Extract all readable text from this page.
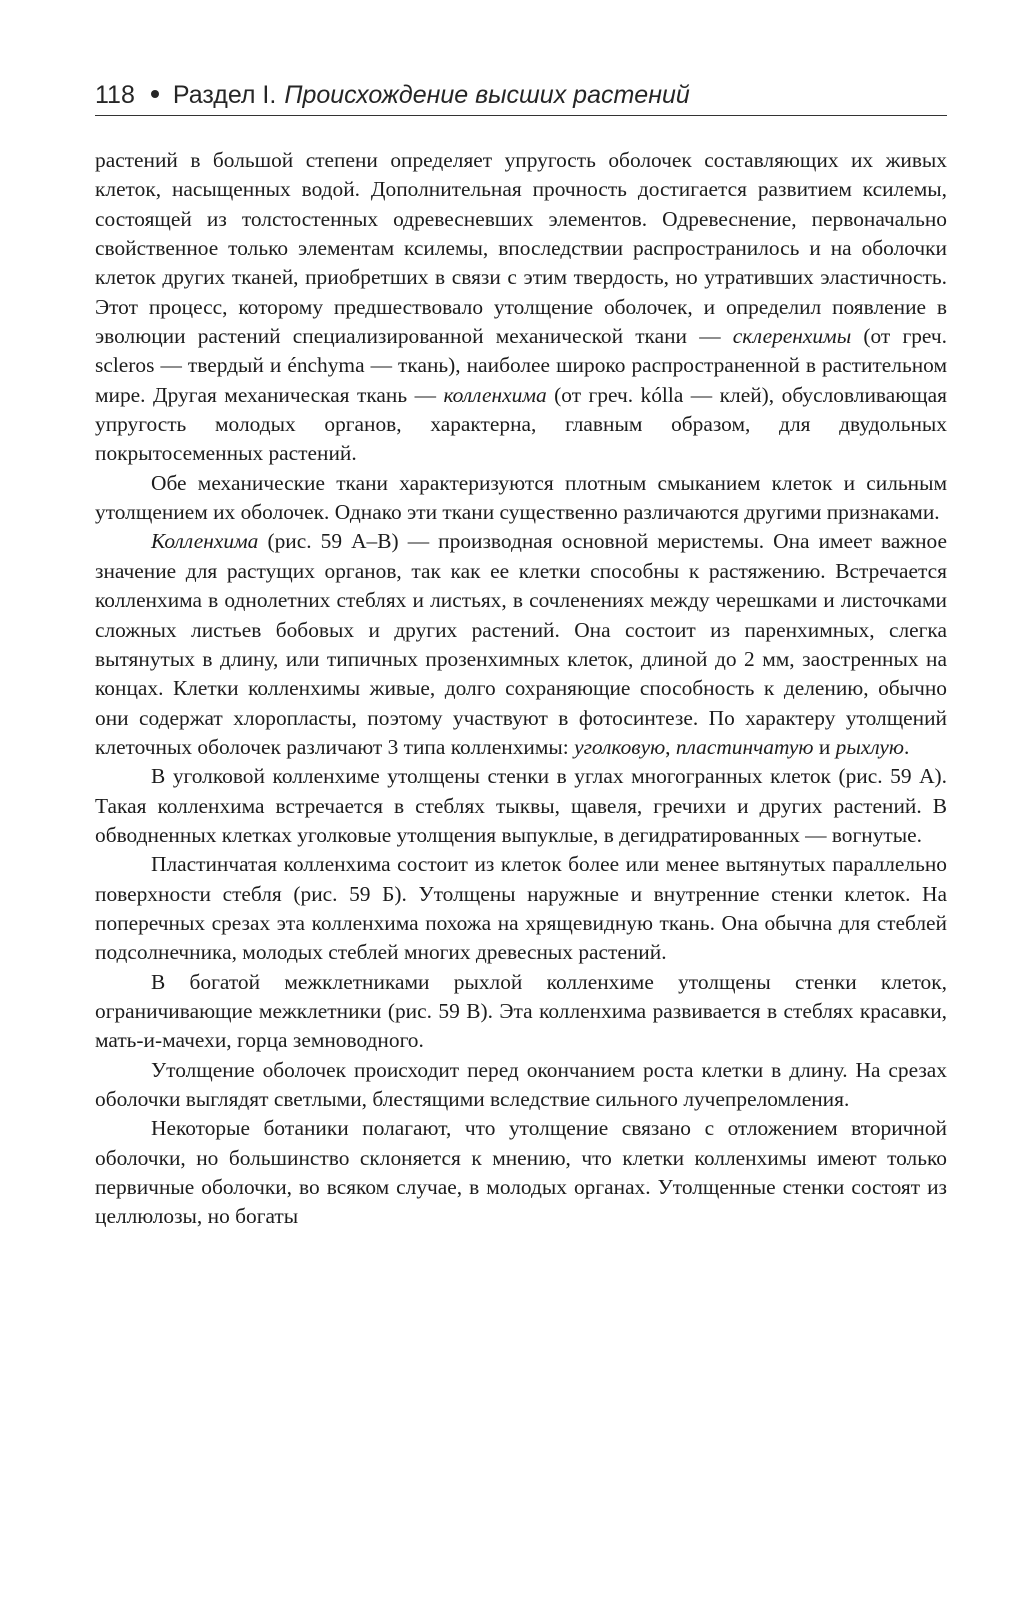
118 Раздел I. Происхождение высших растений

растений в большой степени определяет упругость оболочек составляющих их живых клеток, насыщенных водой. Дополнительная прочность достигается развитием ксилемы, состоящей из толстостенных одревесневших элементов. Одревеснение, первоначально свойственное только элементам ксилемы, впоследствии распространилось и на оболочки клеток других тканей, приобретших в связи с этим твердость, но утративших эластичность. Этот процесс, которому предшествовало утолщение оболочек, и определил появление в эволюции растений специализированной механической ткани — склеренхимы (от греч. scleros — твердый и énchyma — ткань), наиболее широко распространенной в растительном мире. Другая механическая ткань — колленхима (от греч. kólla — клей), обусловливающая упругость молодых органов, характерна, главным образом, для двудольных покрытосеменных растений.

Обе механические ткани характеризуются плотным смыканием клеток и сильным утолщением их оболочек. Однако эти ткани существенно различаются другими признаками.

Колленхима (рис. 59 А–В) — производная основной меристемы. Она имеет важное значение для растущих органов, так как ее клетки способны к растяжению. Встречается колленхима в однолетних стеблях и листьях, в сочленениях между черешками и листочками сложных листьев бобовых и других растений. Она состоит из паренхимных, слегка вытянутых в длину, или типичных прозенхимных клеток, длиной до 2 мм, заостренных на концах. Клетки колленхимы живые, долго сохраняющие способность к делению, обычно они содержат хлоропласты, поэтому участвуют в фотосинтезе. По характеру утолщений клеточных оболочек различают 3 типа колленхимы: уголковую, пластинчатую и рыхлую.

В уголковой колленхиме утолщены стенки в углах многогранных клеток (рис. 59 А). Такая колленхима встречается в стеблях тыквы, щавеля, гречихи и других растений. В обводненных клетках уголковые утолщения выпуклые, в дегидратированных — вогнутые.

Пластинчатая колленхима состоит из клеток более или менее вытянутых параллельно поверхности стебля (рис. 59 Б). Утолщены наружные и внутренние стенки клеток. На поперечных срезах эта колленхима похожа на хрящевидную ткань. Она обычна для стеблей подсолнечника, молодых стеблей многих древесных растений.

В богатой межклетниками рыхлой колленхиме утолщены стенки клеток, ограничивающие межклетники (рис. 59 В). Эта колленхима развивается в стеблях красавки, мать-и-мачехи, горца земноводного.

Утолщение оболочек происходит перед окончанием роста клетки в длину. На срезах оболочки выглядят светлыми, блестящими вследствие сильного лучепреломления.

Некоторые ботаники полагают, что утолщение связано с отложением вторичной оболочки, но большинство склоняется к мнению, что клетки колленхимы имеют только первичные оболочки, во всяком случае, в молодых органах. Утолщенные стенки состоят из целлюлозы, но богаты
